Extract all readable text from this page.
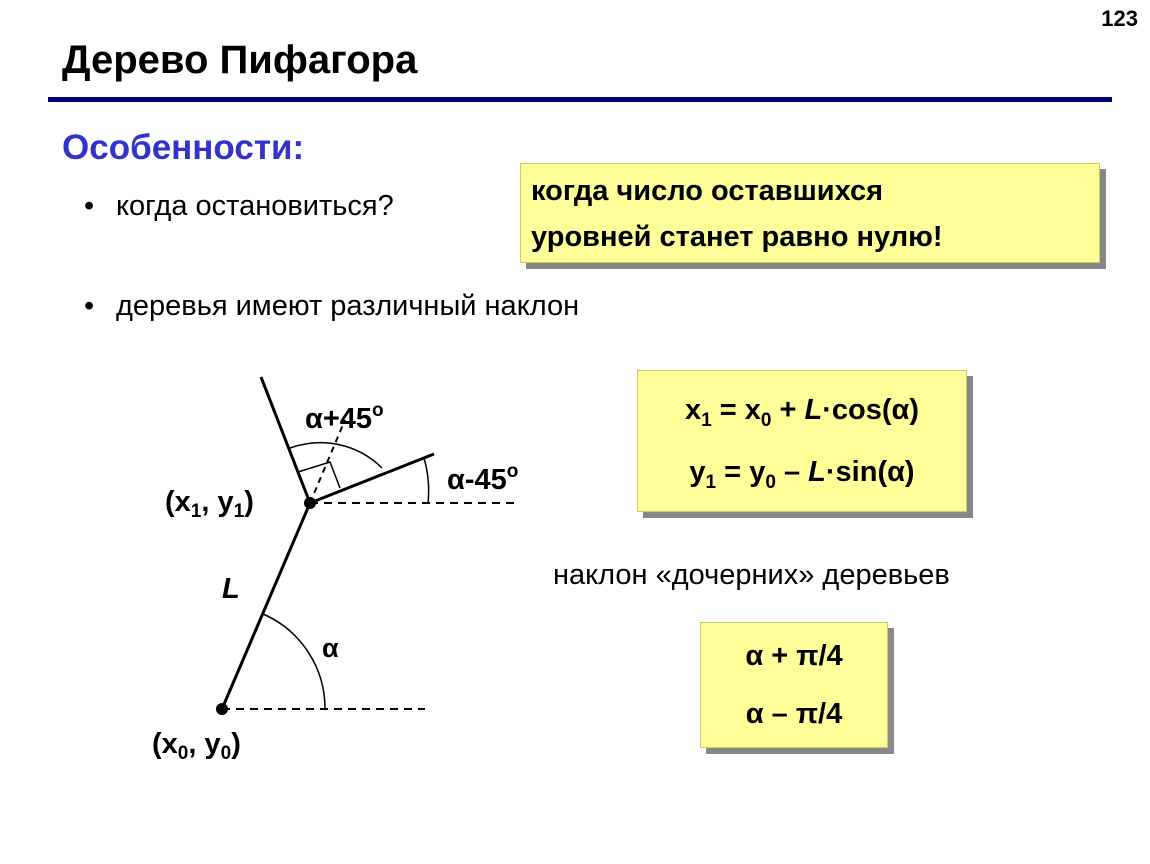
123
Дерево Пифагора
Особенности:
• когда остановиться?
• деревья имеют различный наклон
когда число оставшихся
уровней станет равно нулю!
($x_1$, $y_1$)
($x_0$, $y_0$)
L
α
$\alpha+45^o$
α-45$^o$
$x_1 = x_0 + L\cdot\cos(\alpha)$
$y_1 = y_0 - L\cdot\sin(\alpha)$
наклон «дочерних» деревьев
α + π/4
α – π/4
